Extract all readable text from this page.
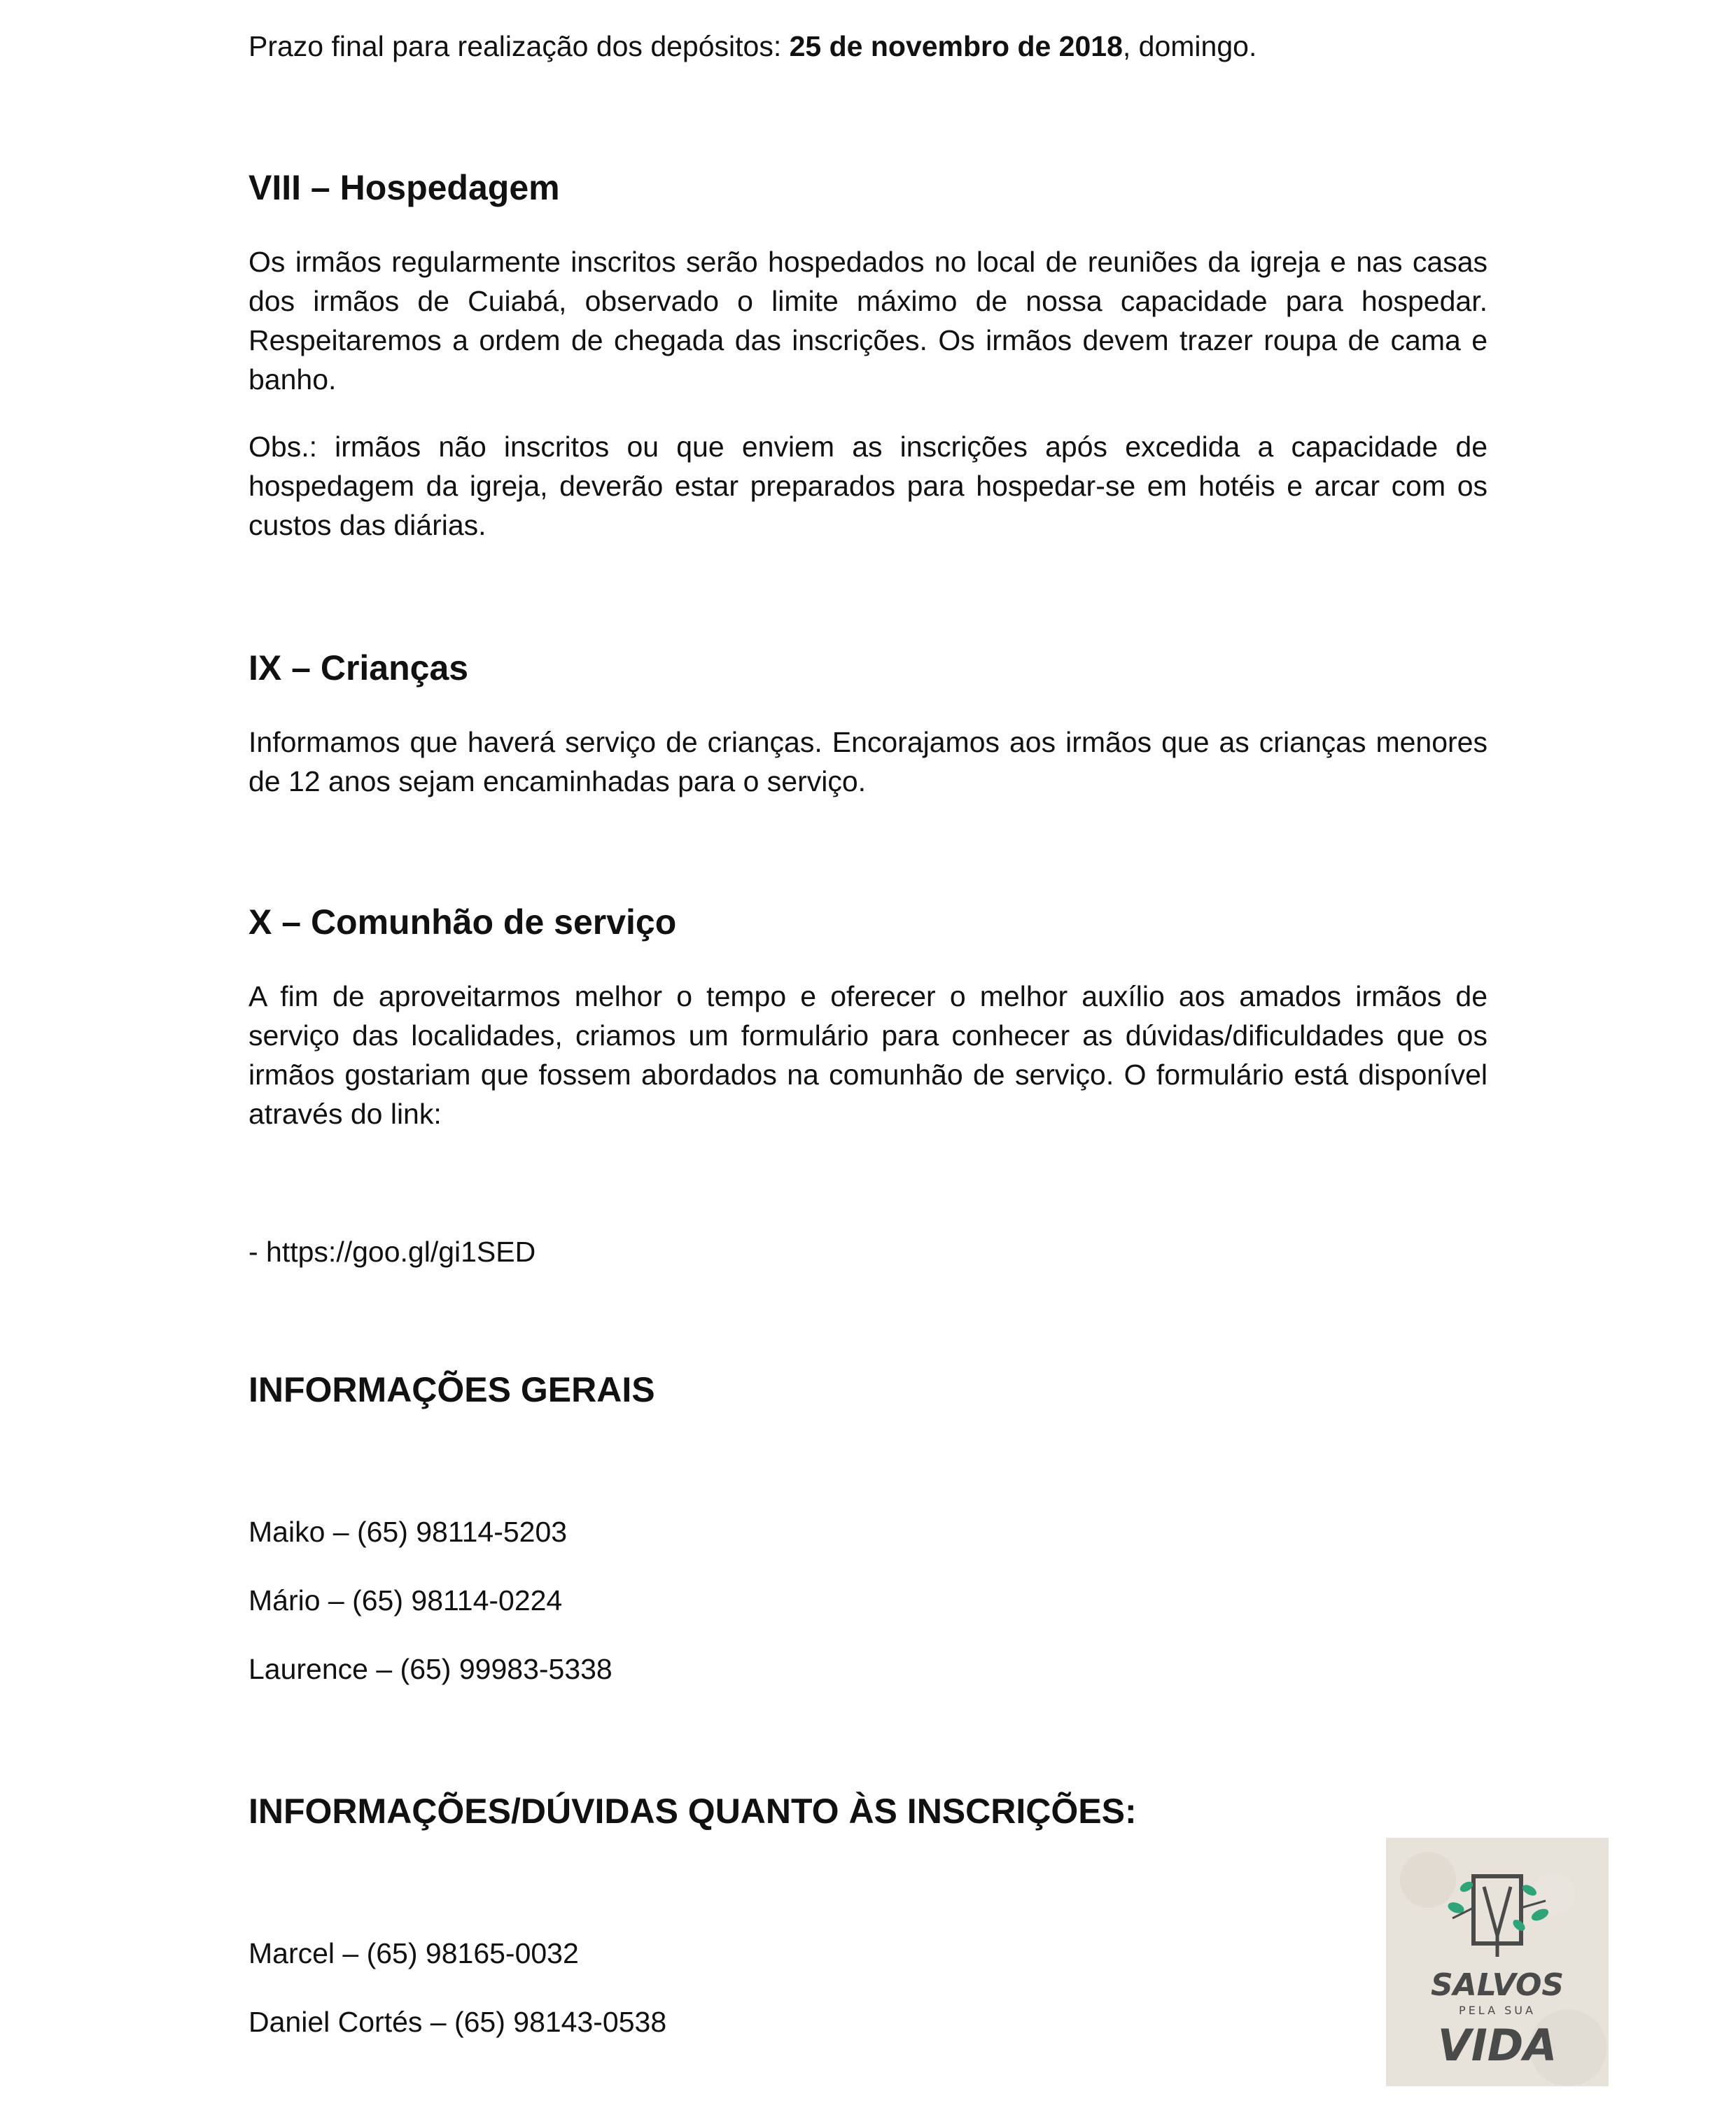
Prazo final para realização dos depósitos: 25 de novembro de 2018, domingo.

VIII – Hospedagem

Os irmãos regularmente inscritos serão hospedados no local de reuniões da igreja e nas casas dos irmãos de Cuiabá, observado o limite máximo de nossa capacidade para hospedar. Respeitaremos a ordem de chegada das inscrições. Os irmãos devem trazer roupa de cama e banho.

Obs.: irmãos não inscritos ou que enviem as inscrições após excedida a capacidade de hospedagem da igreja, deverão estar preparados para hospedar-se em hotéis e arcar com os custos das diárias.

IX – Crianças

Informamos que haverá serviço de crianças. Encorajamos aos irmãos que as crianças menores de 12 anos sejam encaminhadas para o serviço.

X – Comunhão de serviço

A fim de aproveitarmos melhor o tempo e oferecer o melhor auxílio aos amados irmãos de serviço das localidades, criamos um formulário para conhecer as dúvidas/dificuldades que os irmãos gostariam que fossem abordados na comunhão de serviço. O formulário está disponível através do link:

- https://goo.gl/gi1SED

INFORMAÇÕES GERAIS

Maiko – (65) 98114-5203

Mário – (65) 98114-0224

Laurence – (65) 99983-5338

INFORMAÇÕES/DÚVIDAS QUANTO ÀS INSCRIÇÕES:

Marcel – (65) 98165-0032

Daniel Cortés – (65) 98143-0538

SALVOS
PELA SUA
VIDA
